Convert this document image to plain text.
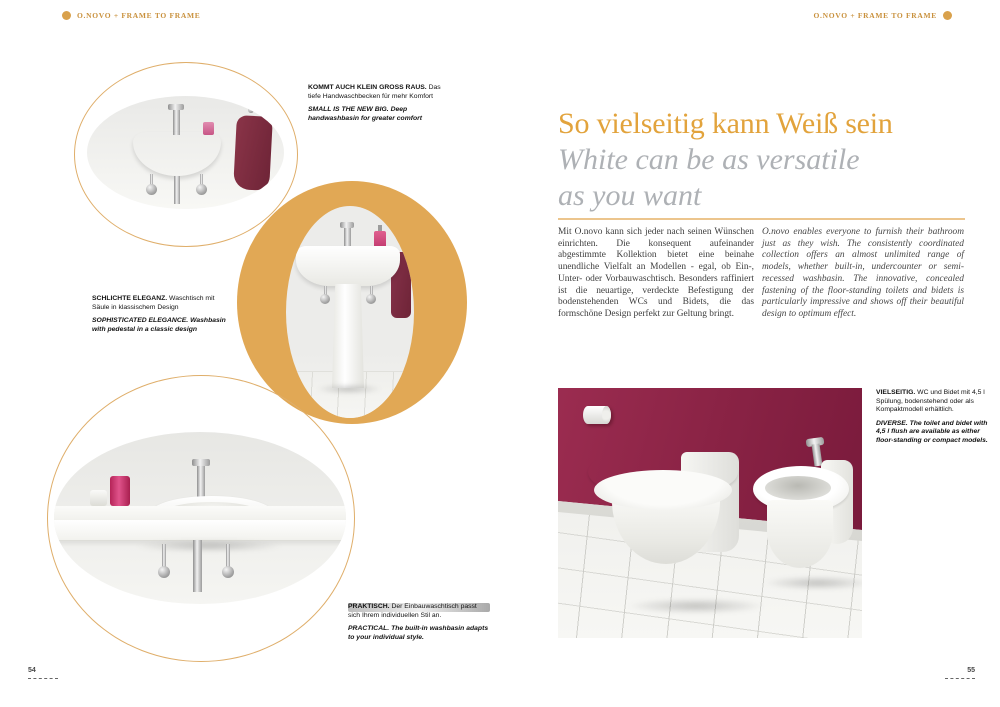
O.NOVO + FRAME TO FRAME	O.NOVO + FRAME TO FRAME

KOMMT AUCH KLEIN GROSS RAUS. Das tiefe Handwaschbecken für mehr Komfort

SMALL IS THE NEW BIG. Deep handwashbasin for greater comfort

SCHLICHTE ELEGANZ. Waschtisch mit Säule in klassischem Design

SOPHISTICATED ELEGANCE. Washbasin with pedestal in a classic design

PRAKTISCH. Der Einbauwaschtisch passt sich Ihrem individuellen Stil an.

PRACTICAL. The built-in washbasin adapts to your individual style.

So vielseitig kann Weiß sein
White can be as versatile
as you want

Mit O.novo kann sich jeder nach seinen Wünschen einrichten. Die konsequent aufeinander abgestimmte Kollektion bietet eine beinahe unendliche Vielfalt an Modellen - egal, ob Ein-, Unter- oder Vorbauwaschtisch. Besonders raffiniert ist die neuartige, verdeckte Befestigung der bodenstehenden WCs und Bidets, die das formschöne Design perfekt zur Geltung bringt.

O.novo enables everyone to furnish their bathroom just as they wish. The consistently coordinated collection offers an almost unlimited range of models, whether built-in, undercounter or semi-recessed washbasin. The innovative, concealed fastening of the floor-standing toilets and bidets is particularly impressive and shows off their beautiful design to optimum effect.

VIELSEITIG. WC und Bidet mit 4,5 l Spülung, bodenstehend oder als Kompaktmodell erhältlich.

DIVERSE. The toilet and bidet with 4,5 l flush are available as either floor-standing or compact models.

54	55
